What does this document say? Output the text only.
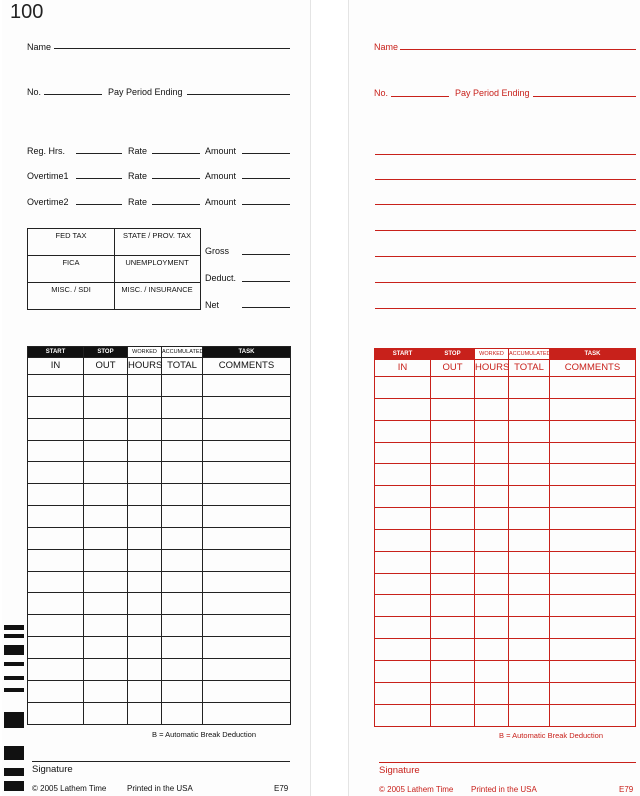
100
Name
No.	Pay Period Ending
Reg. Hrs.	Rate	Amount
Overtime1	Rate	Amount
Overtime2	Rate	Amount
FED TAX	STATE / PROV. TAX
FICA	UNEMPLOYMENT
MISC. / SDI	MISC. / INSURANCE
Gross
Deduct.
Net
START	STOP	WORKED	ACCUMULATED	TASK
IN	OUT	HOURS	TOTAL	COMMENTS

B = Automatic Break Deduction
Signature
© 2005 Lathem Time	Printed in the USA	E79
Name
No.	Pay Period Ending
START	STOP	WORKED	ACCUMULATED	TASK
IN	OUT	HOURS	TOTAL	COMMENTS

B = Automatic Break Deduction
Signature
© 2005 Lathem Time Printed in the USA	E79
